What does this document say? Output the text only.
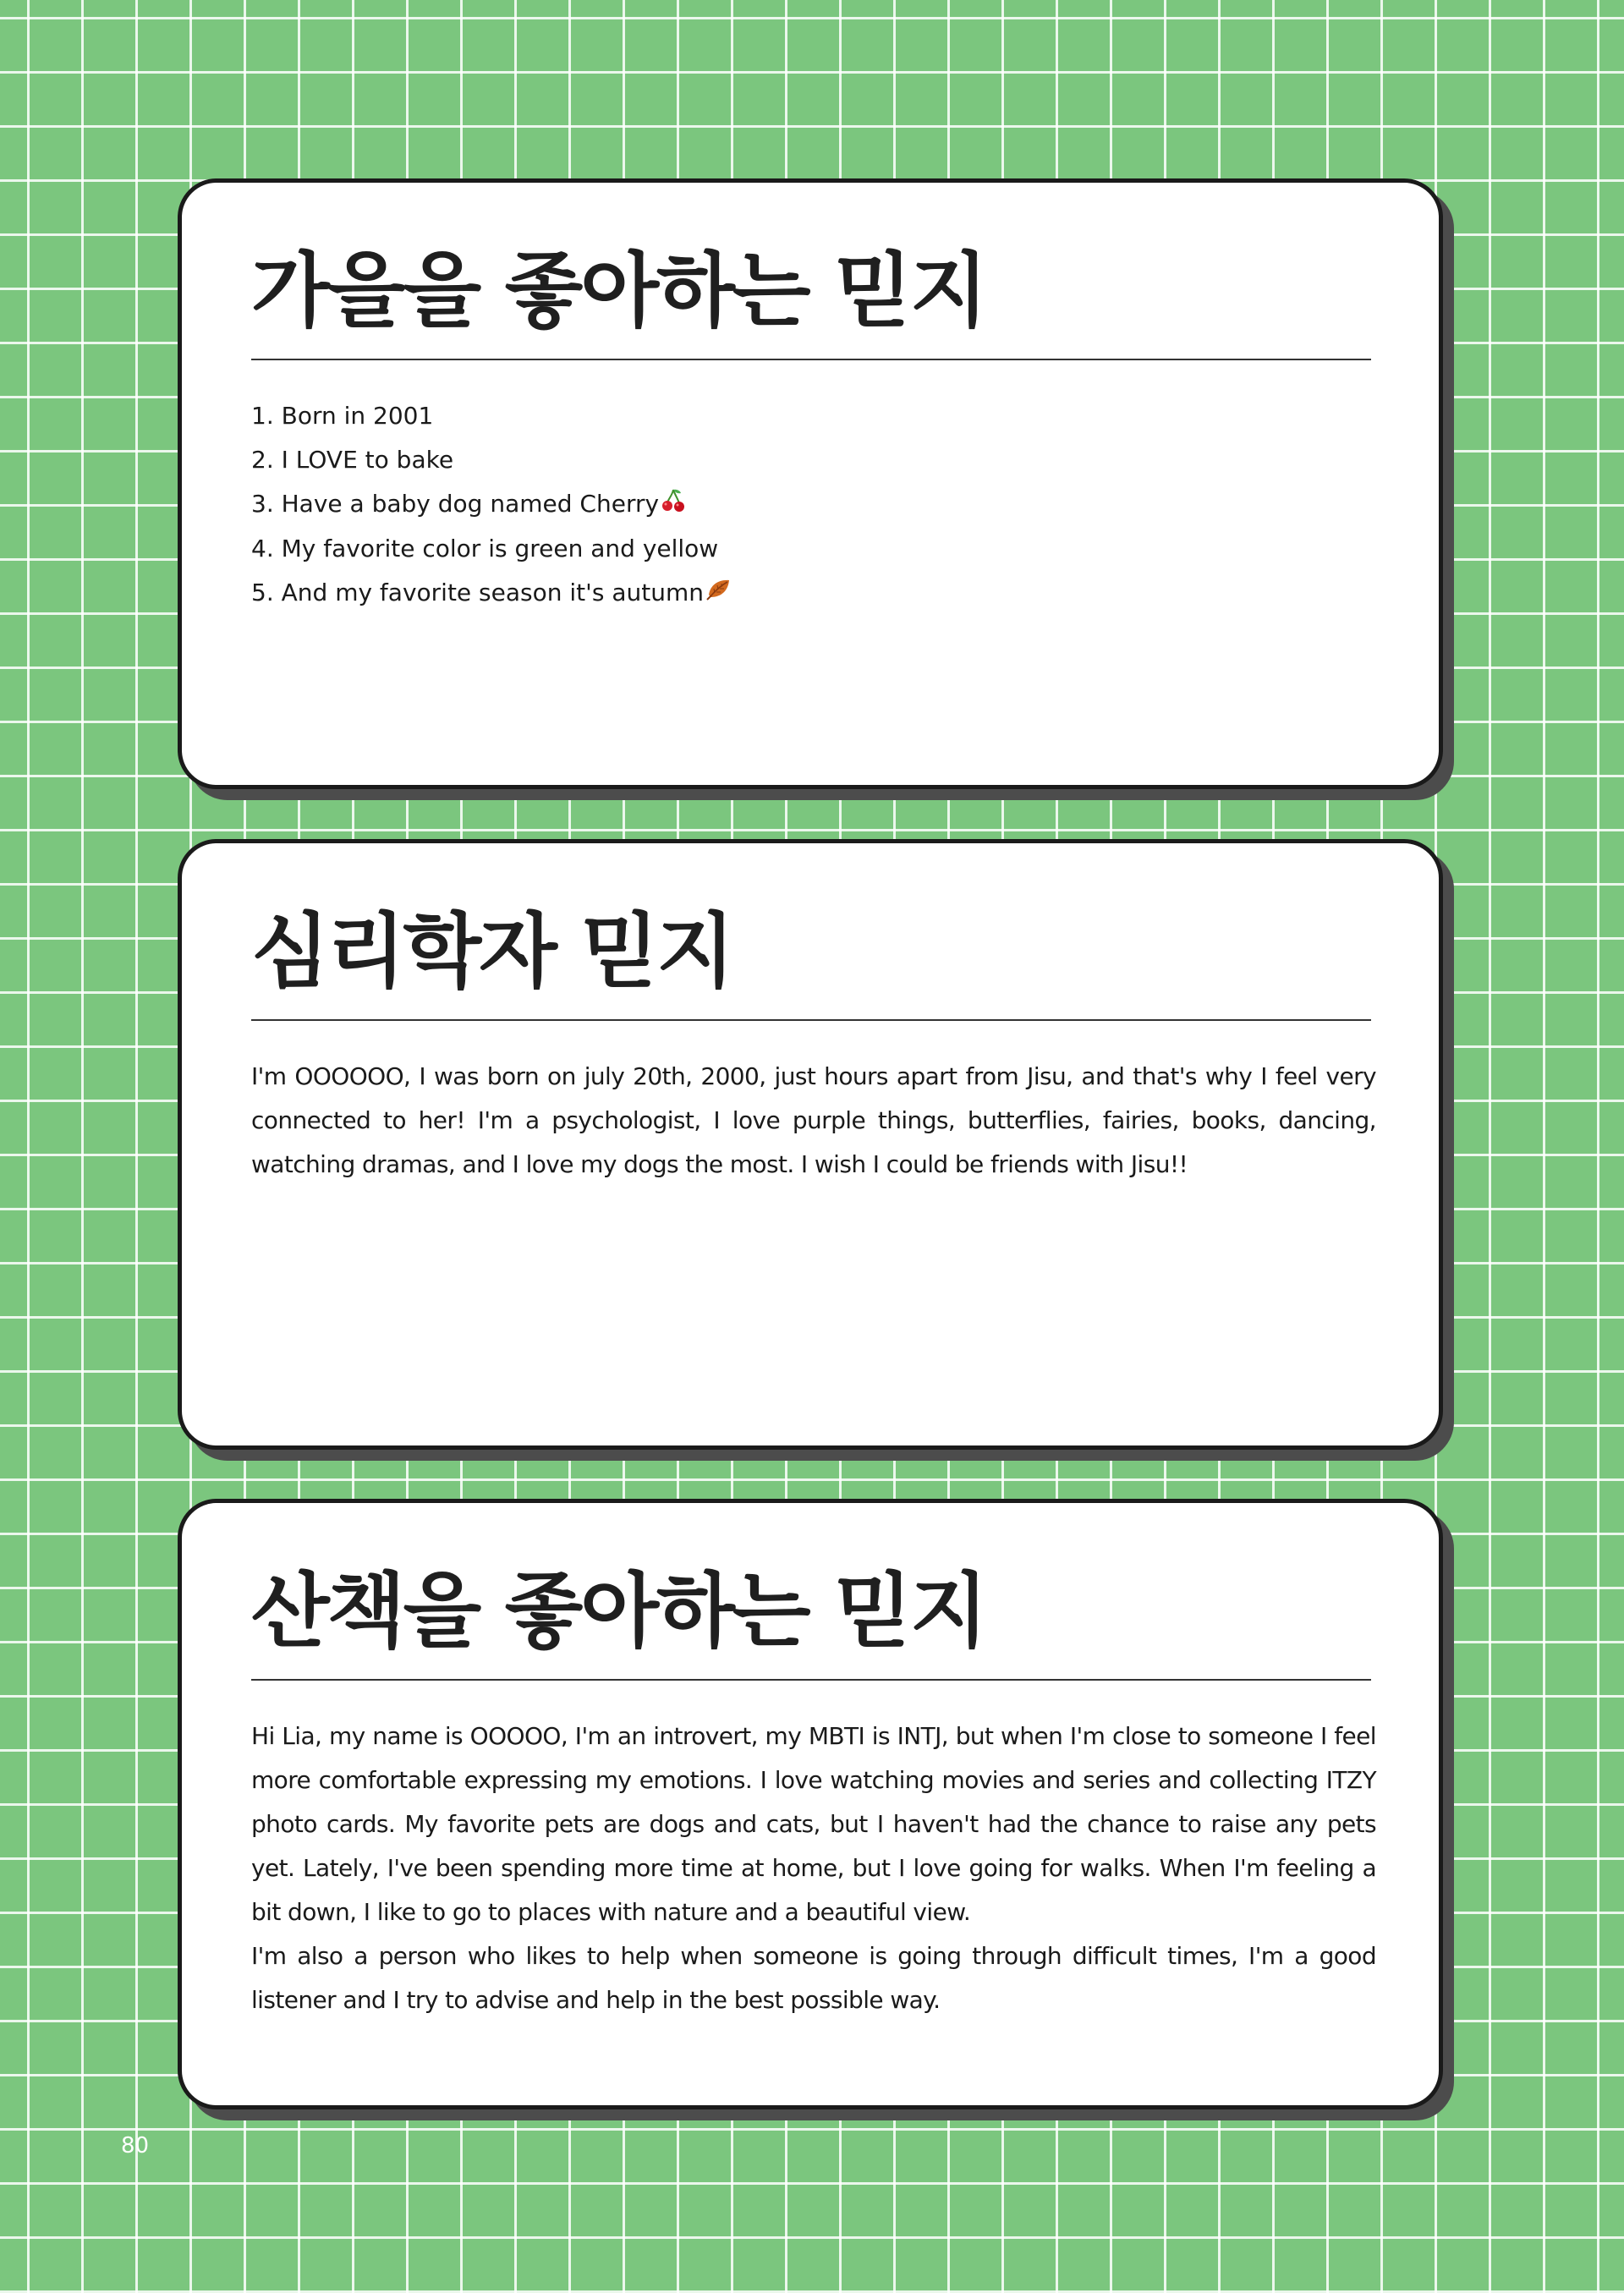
가을을 좋아하는 믿지
1. Born in 2001
2. I LOVE to bake
3. Have a baby dog named Cherry
4. My favorite color is green and yellow
5. And my favorite season it's autumn
심리학자 믿지
I'm OOOOOO, I was born on july 20th, 2000, just hours apart from Jisu, and that's why I feel very connected to her! I'm a psychologist, I love purple things, butterflies, fairies, books, dancing, watching dramas, and I love my dogs the most. I wish I could be friends with Jisu!!
산책을 좋아하는 믿지
Hi Lia, my name is OOOOO, I'm an introvert, my MBTI is INTJ, but when I'm close to someone I feel more comfortable expressing my emotions. I love watching movies and series and collecting ITZY photo cards. My favorite pets are dogs and cats, but I haven't had the chance to raise any pets yet. Lately, I've been spending more time at home, but I love going for walks. When I'm feeling a bit down, I like to go to places with nature and a beautiful view.
I'm also a person who likes to help when someone is going through difficult times, I'm a good listener and I try to advise and help in the best possible way.
80
